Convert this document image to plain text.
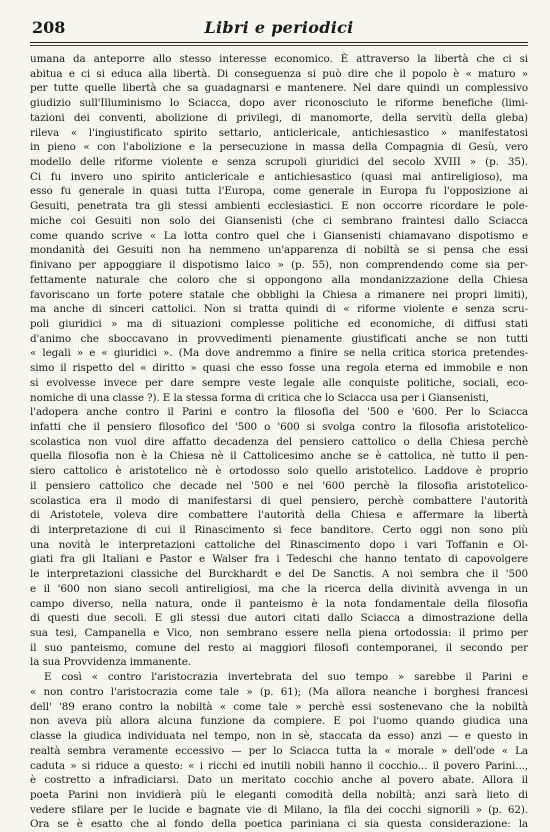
208	Libri e periodici
umana da anteporre allo stesso interesse economico. È attraverso la libertà che ci si
abitua e ci si educa alla libertà. Di conseguenza si può dire che il popolo è « maturo »
per tutte quelle libertà che sa guadagnarsi e mantenere. Nel dare quindi un complessivo
giudizio sull'Illuminismo lo Sciacca, dopo aver riconosciuto le riforme benefiche (limi-
tazioni dei conventi, abolizione di privilegi, di manomorte, della servitù della gleba)
rileva « l'ingiustificato spirito settario, anticlericale, antichiesastico » manifestatosi
in pieno « con l'abolizione e la persecuzione in massa della Compagnia di Gesù, vero
modello delle riforme violente e senza scrupoli giuridici del secolo XVIII » (p. 35).
Ci fu invero uno spirito anticlericale e antichiesastico (quasi mai antireligioso), ma
esso fu generale in quasi tutta l'Europa, come generale in Europa fu l'opposizione ai
Gesuiti, penetrata tra gli stessi ambienti ecclesiastici. E non occorre ricordare le pole-
miche coi Gesuiti non solo dei Giansenisti (che ci sembrano fraintesi dallo Sciacca
come quando scrive « La lotta contro quel che i Giansenisti chiamavano dispotismo e
mondanità dei Gesuiti non ha nemmeno un'apparenza di nobiltà se si pensa che essi
finivano per appoggiare il dispotismo laico » (p. 55), non comprendendo come sia per-
fettamente naturale che coloro che si oppongono alla mondanizzazione della Chiesa
favoriscano un forte potere statale che obblighi la Chiesa a rimanere nei propri limiti),
ma anche di sinceri cattolici. Non si tratta quindi di « riforme violente e senza scru-
poli giuridici » ma di situazioni complesse politiche ed economiche, di diffusi stati
d'animo che sboccavano in provvedimenti pienamente giustificati anche se non tutti
« legali » e « giuridici ». (Ma dove andremmo a finire se nella critica storica pretendes-
simo il rispetto del « diritto » quasi che esso fosse una regola eterna ed immobile e non
si evolvesse invece per dare sempre veste legale alle conquiste politiche, sociali, eco-
nomiche di una classe ?). E la stessa forma di critica che lo Sciacca usa per i Giansenisti,
l'adopera anche contro il Parini e contro la filosofia del '500 e '600. Per lo Sciacca
infatti che il pensiero filosofico del '500 o '600 si svolga contro la filosofia aristotelico-
scolastica non vuol dire affatto decadenza del pensiero cattolico o della Chiesa perchè
quella filosofia non è la Chiesa nè il Cattolicesimo anche se è cattolica, nè tutto il pen-
siero cattolico è aristotelico nè è ortodosso solo quello aristotelico. Laddove è proprio
il pensiero cattolico che decade nel '500 e nel '600 perchè la filosofia aristotelico-
scolastica era il modo di manifestarsi di quel pensiero, perchè combattere l'autorità
di Aristotele, voleva dire combattere l'autorità della Chiesa e affermare la libertà
di interpretazione di cui il Rinascimento si fece banditore. Certo oggi non sono più
una novità le interpretazioni cattoliche del Rinascimento dopo i vari Toffanin e Ol-
giati fra gli Italiani e Pastor e Walser fra i Tedeschi che hanno tentato di capovolgere
le interpretazioni classiche del Burckhardt e del De Sanctis. A noi sembra che il '500
e il '600 non siano secoli antireligiosi, ma che la ricerca della divinità avvenga in un
campo diverso, nella natura, onde il panteismo è la nota fondamentale della filosofia
di questi due secoli. E gli stessi due autori citati dallo Sciacca a dimostrazione della
sua tesi, Campanella e Vico, non sembrano essere nella piena ortodossia: il primo per
il suo panteismo, comune del resto ai maggiori filosofi contemporanei, il secondo per
la sua Provvidenza immanente.
E così « contro l'aristocrazia invertebrata del suo tempo » sarebbe il Parini e
« non contro l'aristocrazia come tale » (p. 61); (Ma allora neanche i borghesi francesi
dell' '89 erano contro la nobiltà « come tale » perchè essi sostenevano che la nobiltà
non aveva più allora alcuna funzione da compiere. E poi l'uomo quando giudica una
classe la giudica individuata nel tempo, non in sè, staccata da esso) anzi — e questo in
realtà sembra veramente eccessivo — per lo Sciacca tutta la « morale » dell'ode « La
caduta » si riduce a questo: « i ricchi ed inutili nobili hanno il cocchio... il povero Parini...,
è costretto a infradiciarsi. Dato un meritato cocchio anche al povero abate. Allora il
poeta Parini non invidierà più le eleganti comodità della nobiltà; anzi sarà lieto di
vedere sfilare per le lucide e bagnate vie di Milano, la fila dei cocchi signorili » (p. 62).
Ora se è esatto che al fondo della poetica pariniana ci sia questa considerazione: la
